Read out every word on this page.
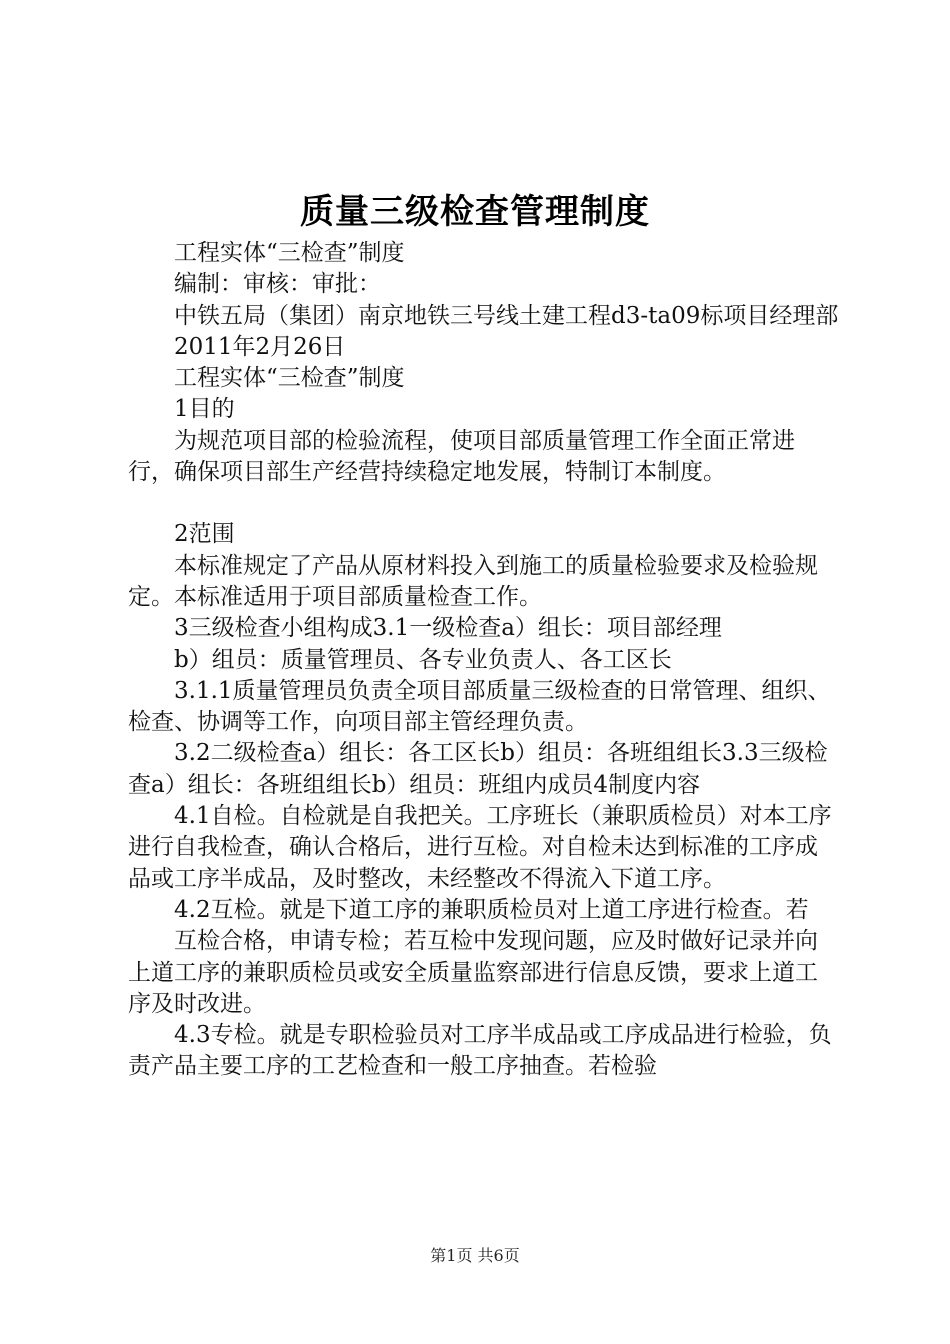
质量三级检查管理制度

　　工程实体“三检查”制度

　　编制：审核：审批：

　　中铁五局（集团）南京地铁三号线土建工程d3-ta09标项目经理部

　　2011年2月26日

　　工程实体“三检查”制度

　　1目的

　　为规范项目部的检验流程，使项目部质量管理工作全面正常进行，确保项目部生产经营持续稳定地发展，特制订本制度。

　　2范围

　　本标准规定了产品从原材料投入到施工的质量检验要求及检验规定。本标准适用于项目部质量检查工作。

　　3三级检查小组构成3.1一级检查a）组长：项目部经理

　　b）组员：质量管理员、各专业负责人、各工区长

　　3.1.1质量管理员负责全项目部质量三级检查的日常管理、组织、检查、协调等工作，向项目部主管经理负责。

　　3.2二级检查a）组长：各工区长b）组员：各班组组长3.3三级检查a）组长：各班组组长b）组员：班组内成员4制度内容

　　4.1自检。自检就是自我把关。工序班长（兼职质检员）对本工序进行自我检查，确认合格后，进行互检。对自检未达到标准的工序成品或工序半成品，及时整改，未经整改不得流入下道工序。

　　4.2互检。就是下道工序的兼职质检员对上道工序进行检查。若

　　互检合格，申请专检；若互检中发现问题，应及时做好记录并向上道工序的兼职质检员或安全质量监察部进行信息反馈，要求上道工序及时改进。

　　4.3专检。就是专职检验员对工序半成品或工序成品进行检验，负责产品主要工序的工艺检查和一般工序抽查。若检验

第1页 共6页
